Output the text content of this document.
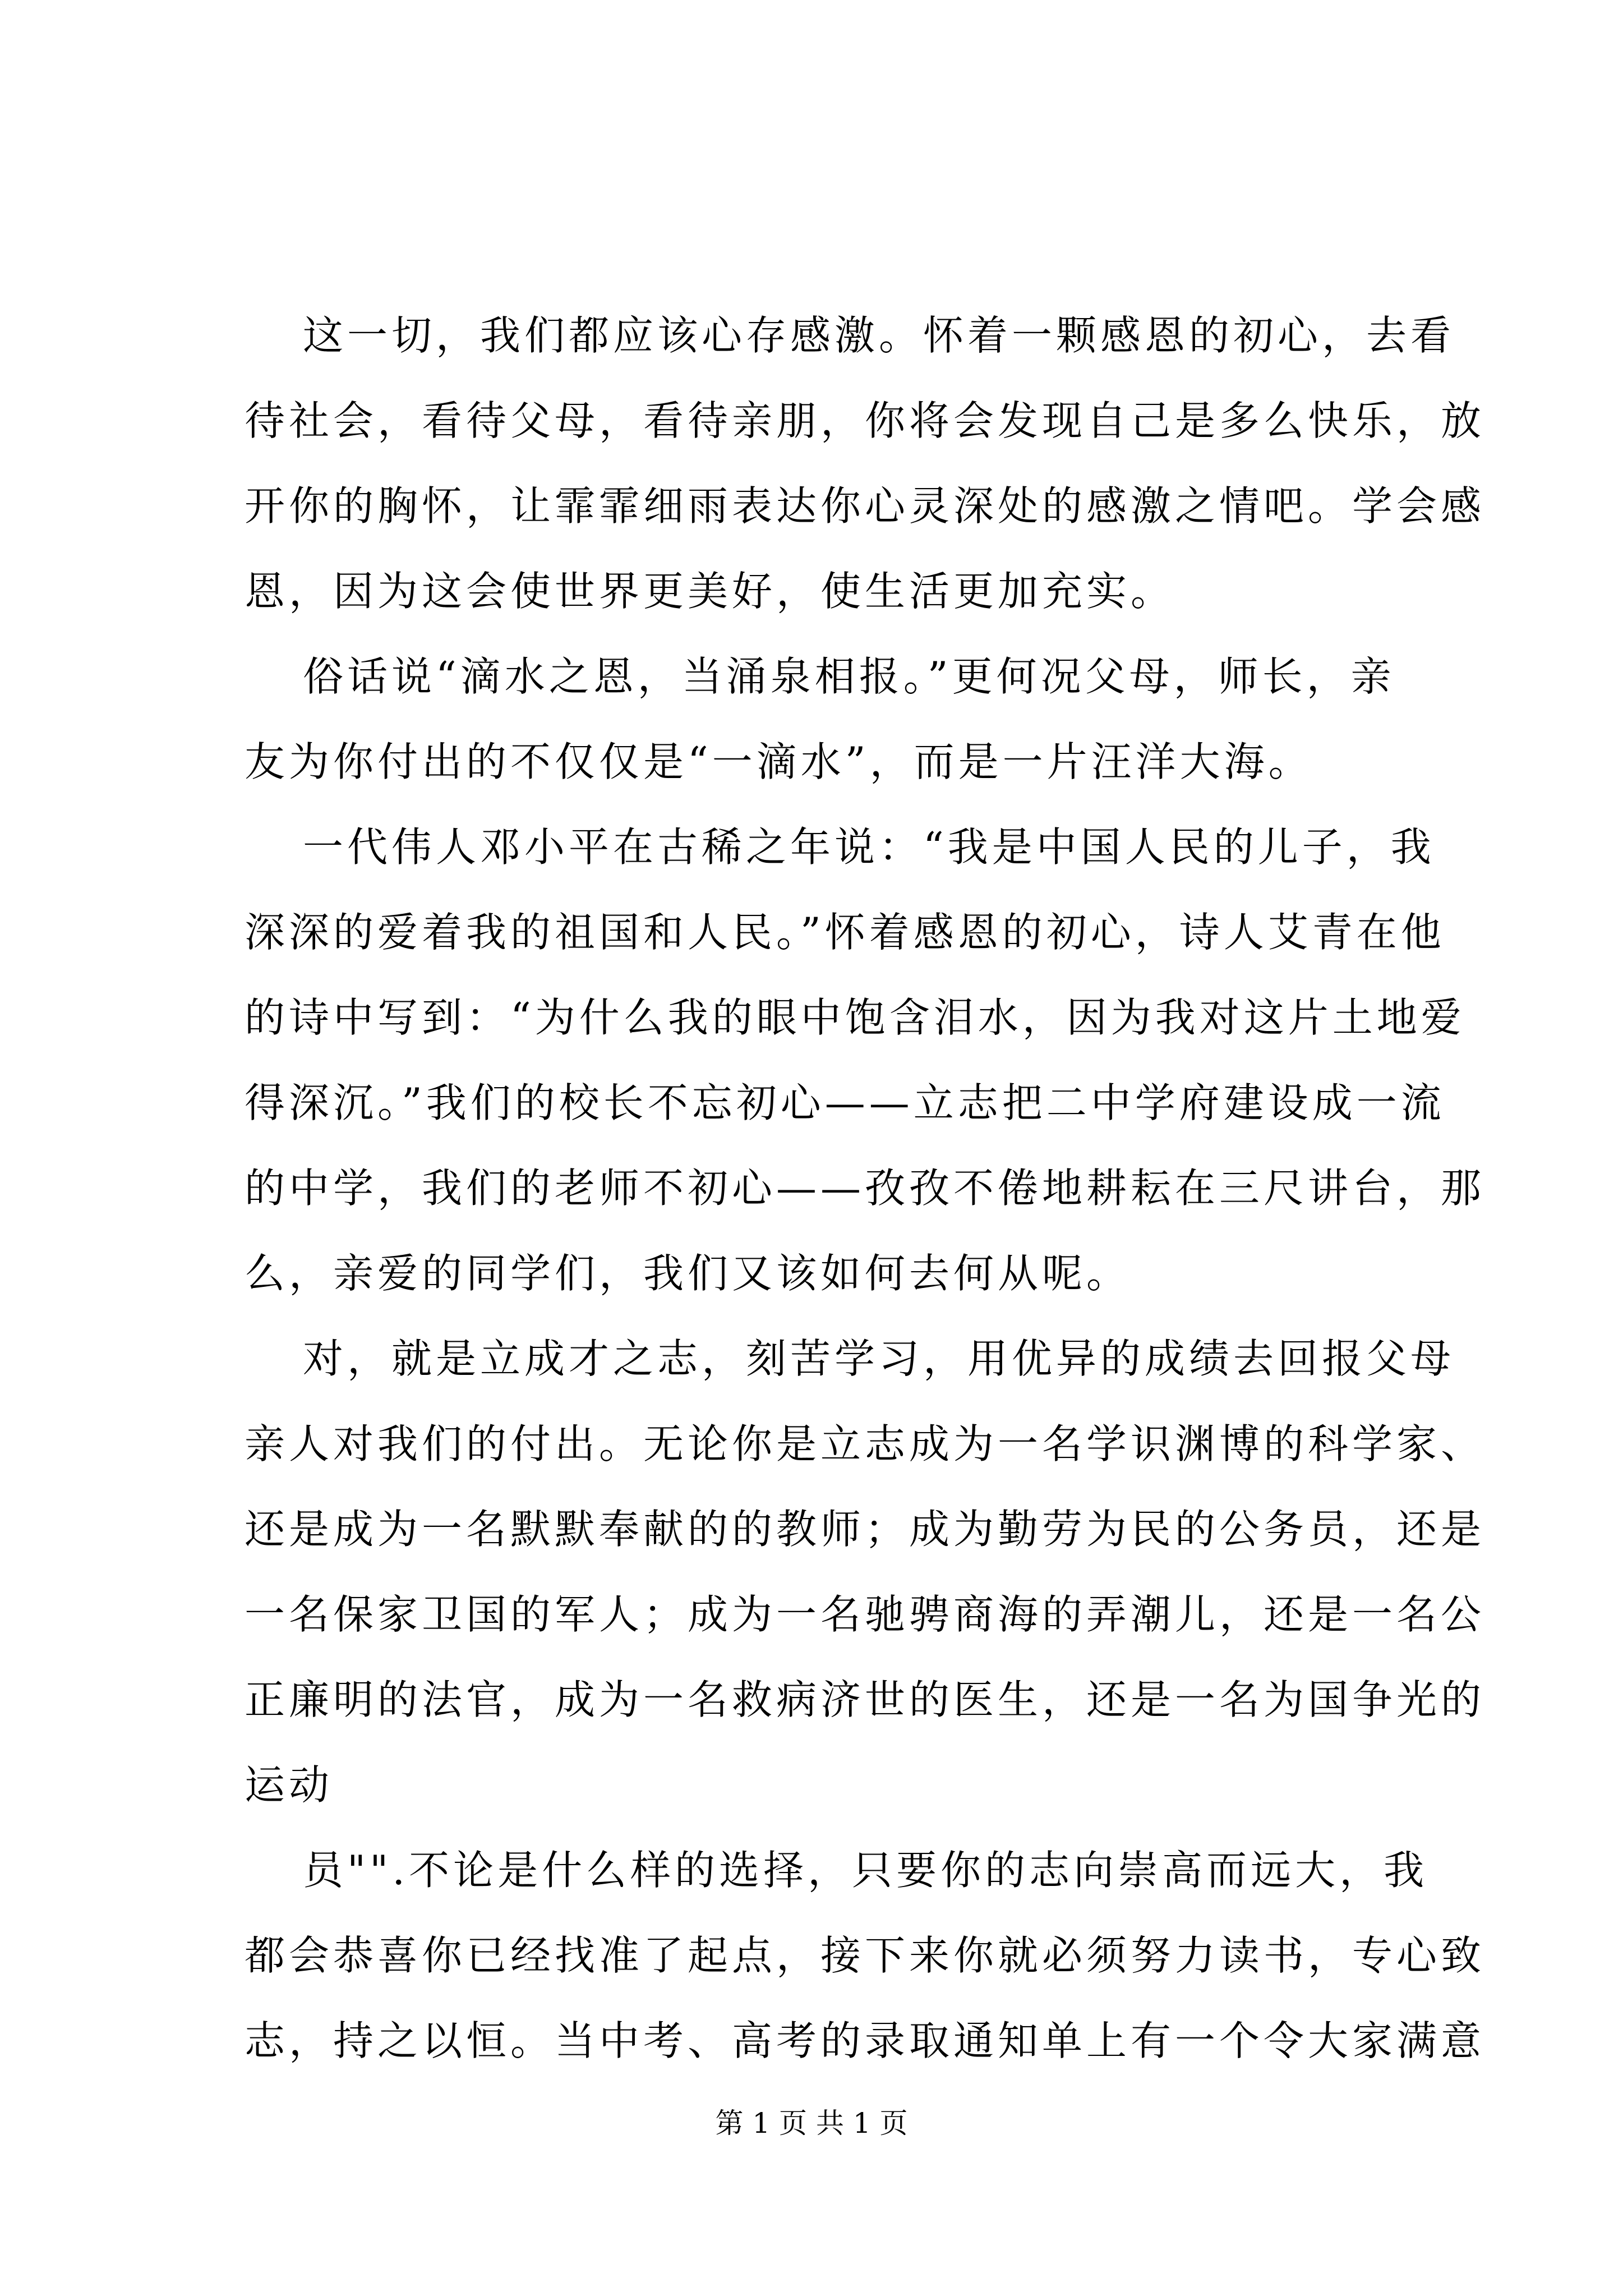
这一切，我们都应该心存感激。怀着一颗感恩的初心，去看
待社会，看待父母，看待亲朋，你将会发现自己是多么快乐，放
开你的胸怀，让霏霏细雨表达你心灵深处的感激之情吧。学会感
恩，因为这会使世界更美好，使生活更加充实。
俗话说“滴水之恩，当涌泉相报。”更何况父母，师长，亲
友为你付出的不仅仅是“一滴水”，而是一片汪洋大海。
一代伟人邓小平在古稀之年说：“我是中国人民的儿子，我
深深的爱着我的祖国和人民。”怀着感恩的初心，诗人艾青在他
的诗中写到：“为什么我的眼中饱含泪水，因为我对这片土地爱
得深沉。”我们的校长不忘初心——立志把二中学府建设成一流
的中学，我们的老师不初心——孜孜不倦地耕耘在三尺讲台，那
么，亲爱的同学们，我们又该如何去何从呢。
对，就是立成才之志，刻苦学习，用优异的成绩去回报父母
亲人对我们的付出。无论你是立志成为一名学识渊博的科学家、
还是成为一名默默奉献的的教师；成为勤劳为民的公务员，还是
一名保家卫国的军人；成为一名驰骋商海的弄潮儿，还是一名公
正廉明的法官，成为一名救病济世的医生，还是一名为国争光的
运动
员"".不论是什么样的选择，只要你的志向崇高而远大，我
都会恭喜你已经找准了起点，接下来你就必须努力读书，专心致
志，持之以恒。当中考、高考的录取通知单上有一个令大家满意
第 1 页 共 1 页
